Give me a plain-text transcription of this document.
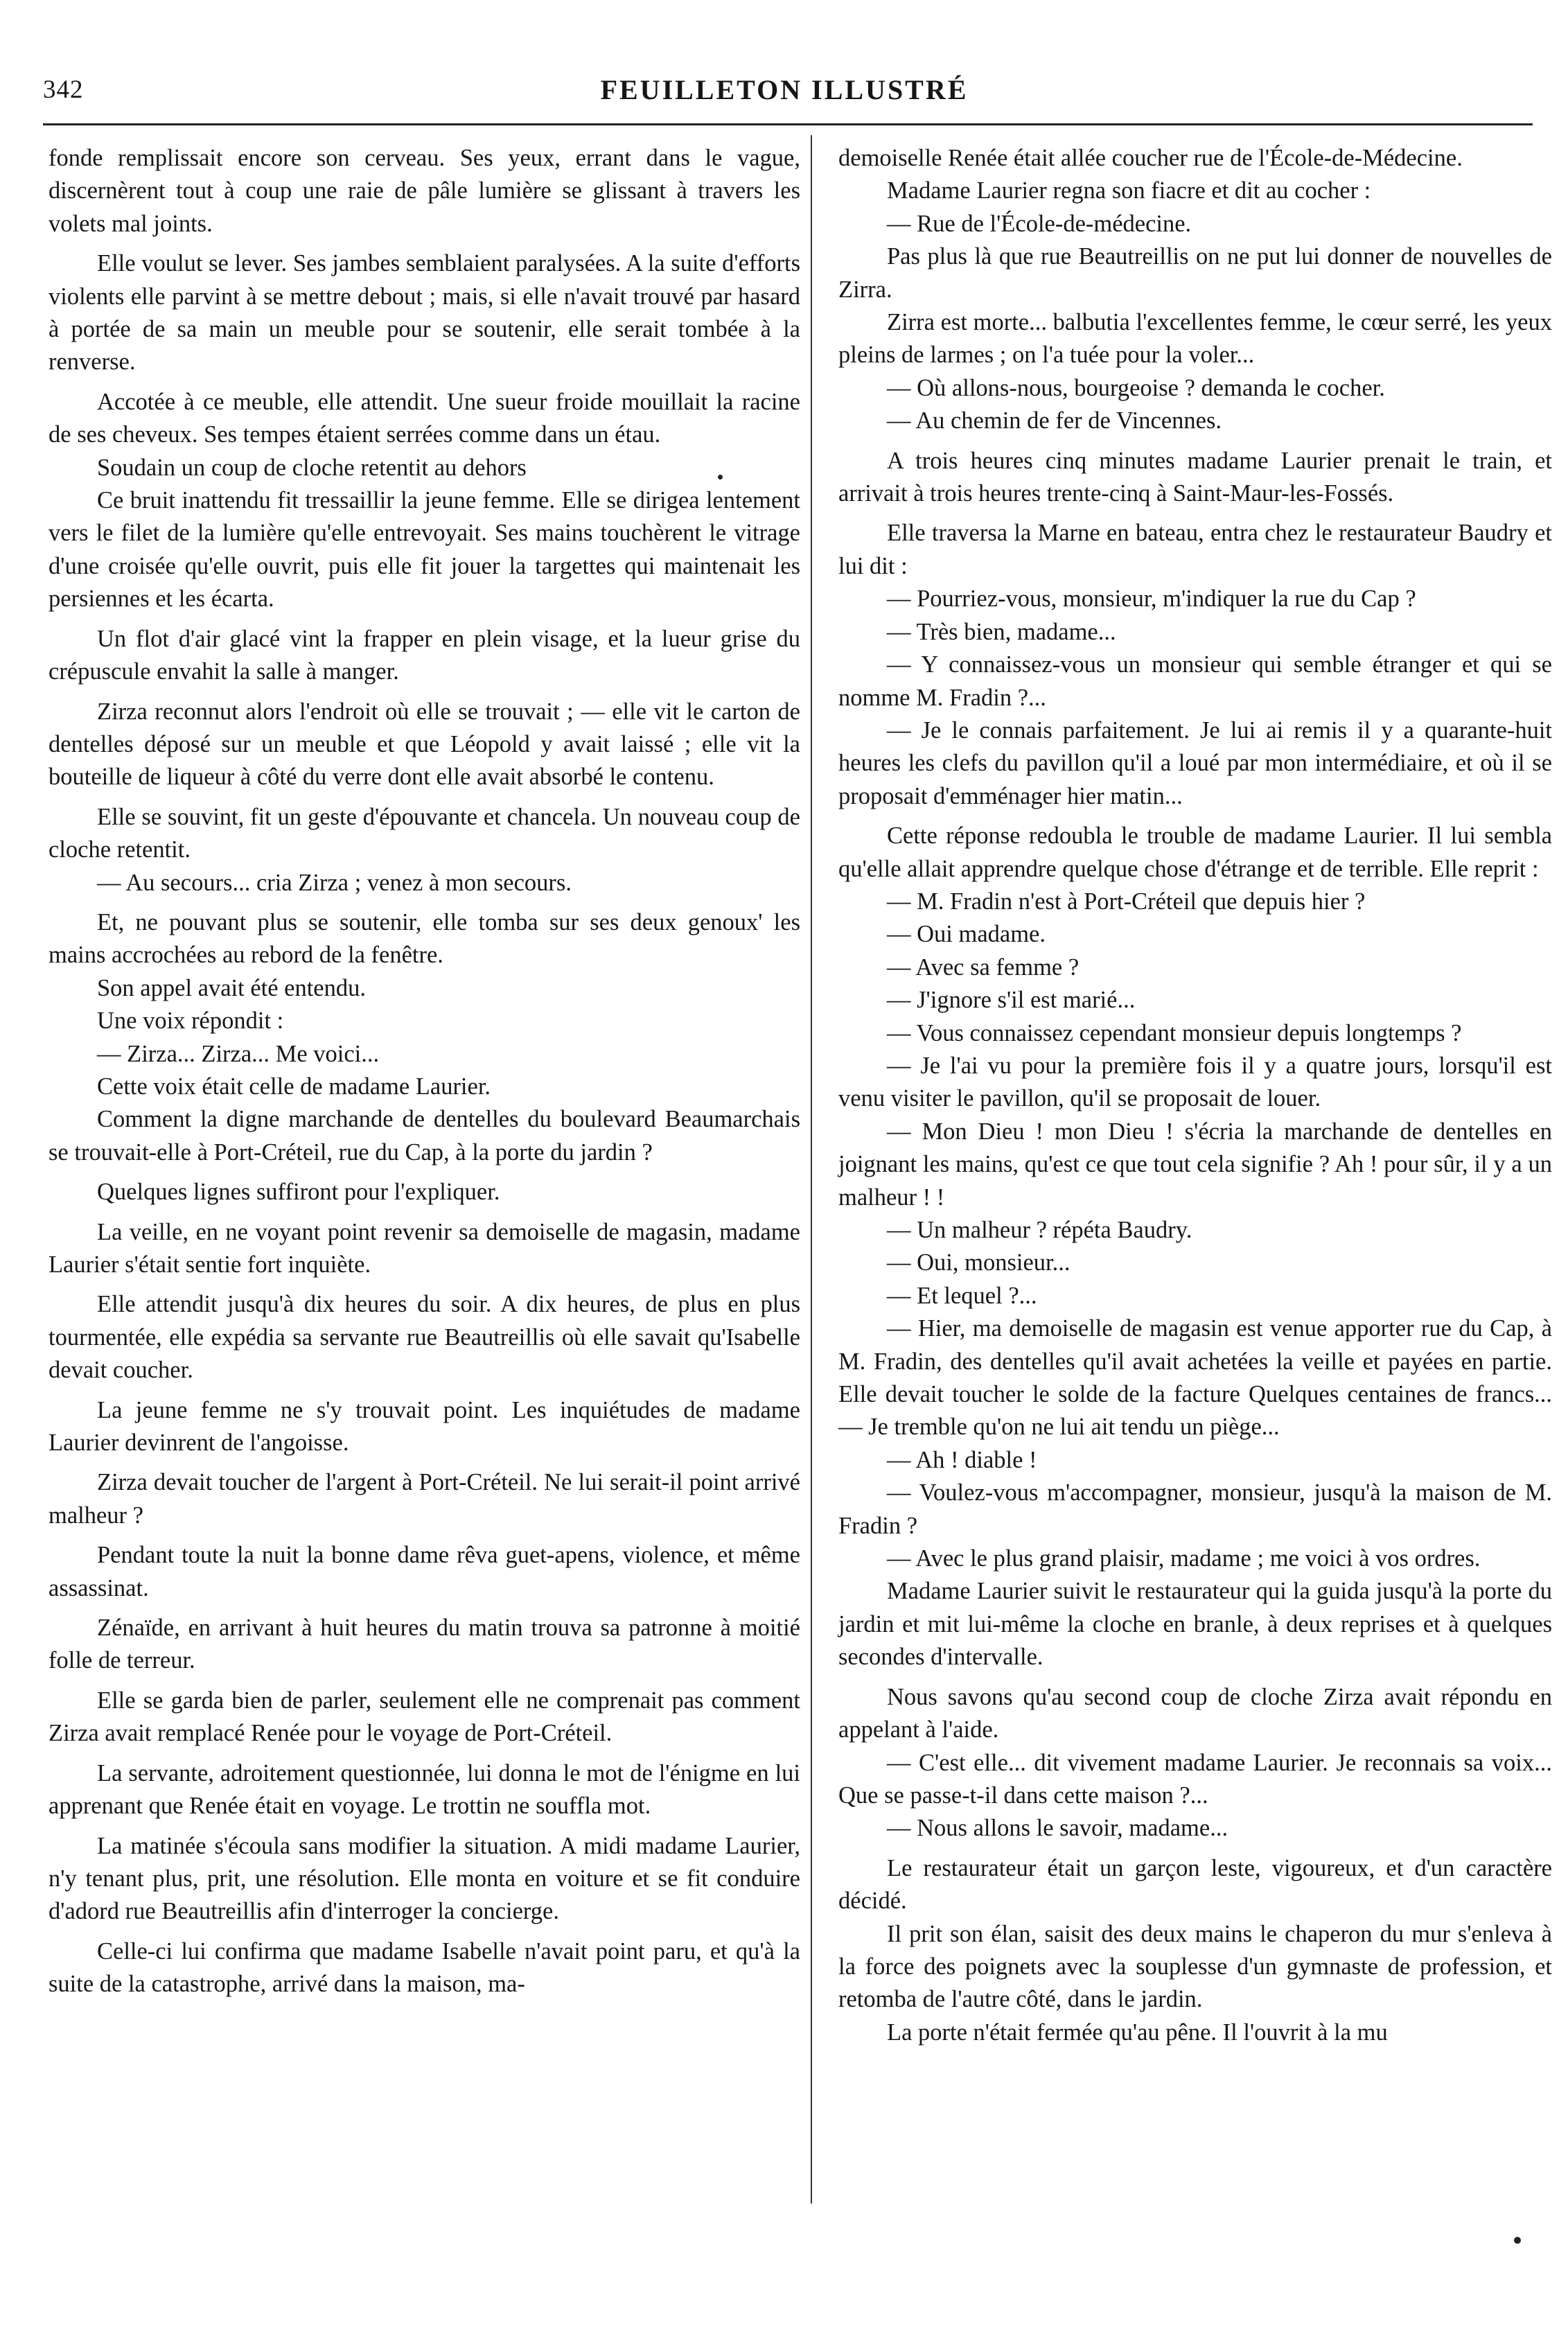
342	FEUILLETON ILLUSTRÉ

fonde remplissait encore son cerveau. Ses yeux, errant dans le vague, discernèrent tout à coup une raie de pâle lumière se glissant à travers les volets mal joints.

Elle voulut se lever. Ses jambes semblaient paralysées. A la suite d'efforts violents elle parvint à se mettre debout ; mais, si elle n'avait trouvé par hasard à portée de sa main un meuble pour se soutenir, elle serait tombée à la renverse.

Accotée à ce meuble, elle attendit. Une sueur froide mouillait la racine de ses cheveux. Ses tempes étaient serrées comme dans un étau.

Soudain un coup de cloche retentit au dehors

Ce bruit inattendu fit tressaillir la jeune femme. Elle se dirigea lentement vers le filet de la lumière qu'elle entrevoyait. Ses mains touchèrent le vitrage d'une croisée qu'elle ouvrit, puis elle fit jouer la targettes qui maintenait les persiennes et les écarta.

Un flot d'air glacé vint la frapper en plein visage, et la lueur grise du crépuscule envahit la salle à manger.

Zirza reconnut alors l'endroit où elle se trouvait ; — elle vit le carton de dentelles déposé sur un meuble et que Léopold y avait laissé ; elle vit la bouteille de liqueur à côté du verre dont elle avait absorbé le contenu.

Elle se souvint, fit un geste d'épouvante et chancela. Un nouveau coup de cloche retentit.

— Au secours... cria Zirza ; venez à mon secours.

Et, ne pouvant plus se soutenir, elle tomba sur ses deux genoux' les mains accrochées au rebord de la fenêtre.

Son appel avait été entendu.

Une voix répondit :

— Zirza... Zirza... Me voici...

Cette voix était celle de madame Laurier.

Comment la digne marchande de dentelles du boulevard Beaumarchais se trouvait-elle à Port-Créteil, rue du Cap, à la porte du jardin ?

Quelques lignes suffiront pour l'expliquer.

La veille, en ne voyant point revenir sa demoiselle de magasin, madame Laurier s'était sentie fort inquiète.

Elle attendit jusqu'à dix heures du soir. A dix heures, de plus en plus tourmentée, elle expédia sa servante rue Beautreillis où elle savait qu'Isabelle devait coucher.

La jeune femme ne s'y trouvait point. Les inquiétudes de madame Laurier devinrent de l'angoisse.

Zirza devait toucher de l'argent à Port-Créteil. Ne lui serait-il point arrivé malheur ?

Pendant toute la nuit la bonne dame rêva guet-apens, violence, et même assassinat.

Zénaïde, en arrivant à huit heures du matin trouva sa patronne à moitié folle de terreur.

Elle se garda bien de parler, seulement elle ne comprenait pas comment Zirza avait remplacé Renée pour le voyage de Port-Créteil.

La servante, adroitement questionnée, lui donna le mot de l'énigme en lui apprenant que Renée était en voyage. Le trottin ne souffla mot.

La matinée s'écoula sans modifier la situation. A midi madame Laurier, n'y tenant plus, prit, une résolution. Elle monta en voiture et se fit conduire d'adord rue Beautreillis afin d'interroger la concierge.

Celle-ci lui confirma que madame Isabelle n'avait point paru, et qu'à la suite de la catastrophe, arrivé dans la maison, ma-

demoiselle Renée était allée coucher rue de l'École-de-Médecine.

Madame Laurier regna son fiacre et dit au cocher :

— Rue de l'École-de-médecine.

Pas plus là que rue Beautreillis on ne put lui donner de nouvelles de Zirra.

Zirra est morte... balbutia l'excellentes femme, le cœur serré, les yeux pleins de larmes ; on l'a tuée pour la voler...

— Où allons-nous, bourgeoise ? demanda le cocher.

— Au chemin de fer de Vincennes.

A trois heures cinq minutes madame Laurier prenait le train, et arrivait à trois heures trente-cinq à Saint-Maur-les-Fossés.

Elle traversa la Marne en bateau, entra chez le restaurateur Baudry et lui dit :

— Pourriez-vous, monsieur, m'indiquer la rue du Cap ?

— Très bien, madame...

— Y connaissez-vous un monsieur qui semble étranger et qui se nomme M. Fradin ?...

— Je le connais parfaitement. Je lui ai remis il y a quarante-huit heures les clefs du pavillon qu'il a loué par mon intermédiaire, et où il se proposait d'emménager hier matin...

Cette réponse redoubla le trouble de madame Laurier. Il lui sembla qu'elle allait apprendre quelque chose d'étrange et de terrible. Elle reprit :

— M. Fradin n'est à Port-Créteil que depuis hier ?

— Oui madame.

— Avec sa femme ?

— J'ignore s'il est marié...

— Vous connaissez cependant monsieur depuis longtemps ?

— Je l'ai vu pour la première fois il y a quatre jours, lorsqu'il est venu visiter le pavillon, qu'il se proposait de louer.

— Mon Dieu ! mon Dieu ! s'écria la marchande de dentelles en joignant les mains, qu'est ce que tout cela signifie ? Ah ! pour sûr, il y a un malheur ! !

— Un malheur ? répéta Baudry.

— Oui, monsieur...

— Et lequel ?...

— Hier, ma demoiselle de magasin est venue apporter rue du Cap, à M. Fradin, des dentelles qu'il avait achetées la veille et payées en partie. Elle devait toucher le solde de la facture Quelques centaines de francs... — Je tremble qu'on ne lui ait tendu un piège...

— Ah ! diable !

— Voulez-vous m'accompagner, monsieur, jusqu'à la maison de M. Fradin ?

— Avec le plus grand plaisir, madame ; me voici à vos ordres.

Madame Laurier suivit le restaurateur qui la guida jusqu'à la porte du jardin et mit lui-même la cloche en branle, à deux reprises et à quelques secondes d'intervalle.

Nous savons qu'au second coup de cloche Zirza avait répondu en appelant à l'aide.

— C'est elle... dit vivement madame Laurier. Je reconnais sa voix... Que se passe-t-il dans cette maison ?...

— Nous allons le savoir, madame...

Le restaurateur était un garçon leste, vigoureux, et d'un caractère décidé.

Il prit son élan, saisit des deux mains le chaperon du mur s'enleva à la force des poignets avec la souplesse d'un gymnaste de profession, et retomba de l'autre côté, dans le jardin.

La porte n'était fermée qu'au pêne. Il l'ouvrit à la mu
